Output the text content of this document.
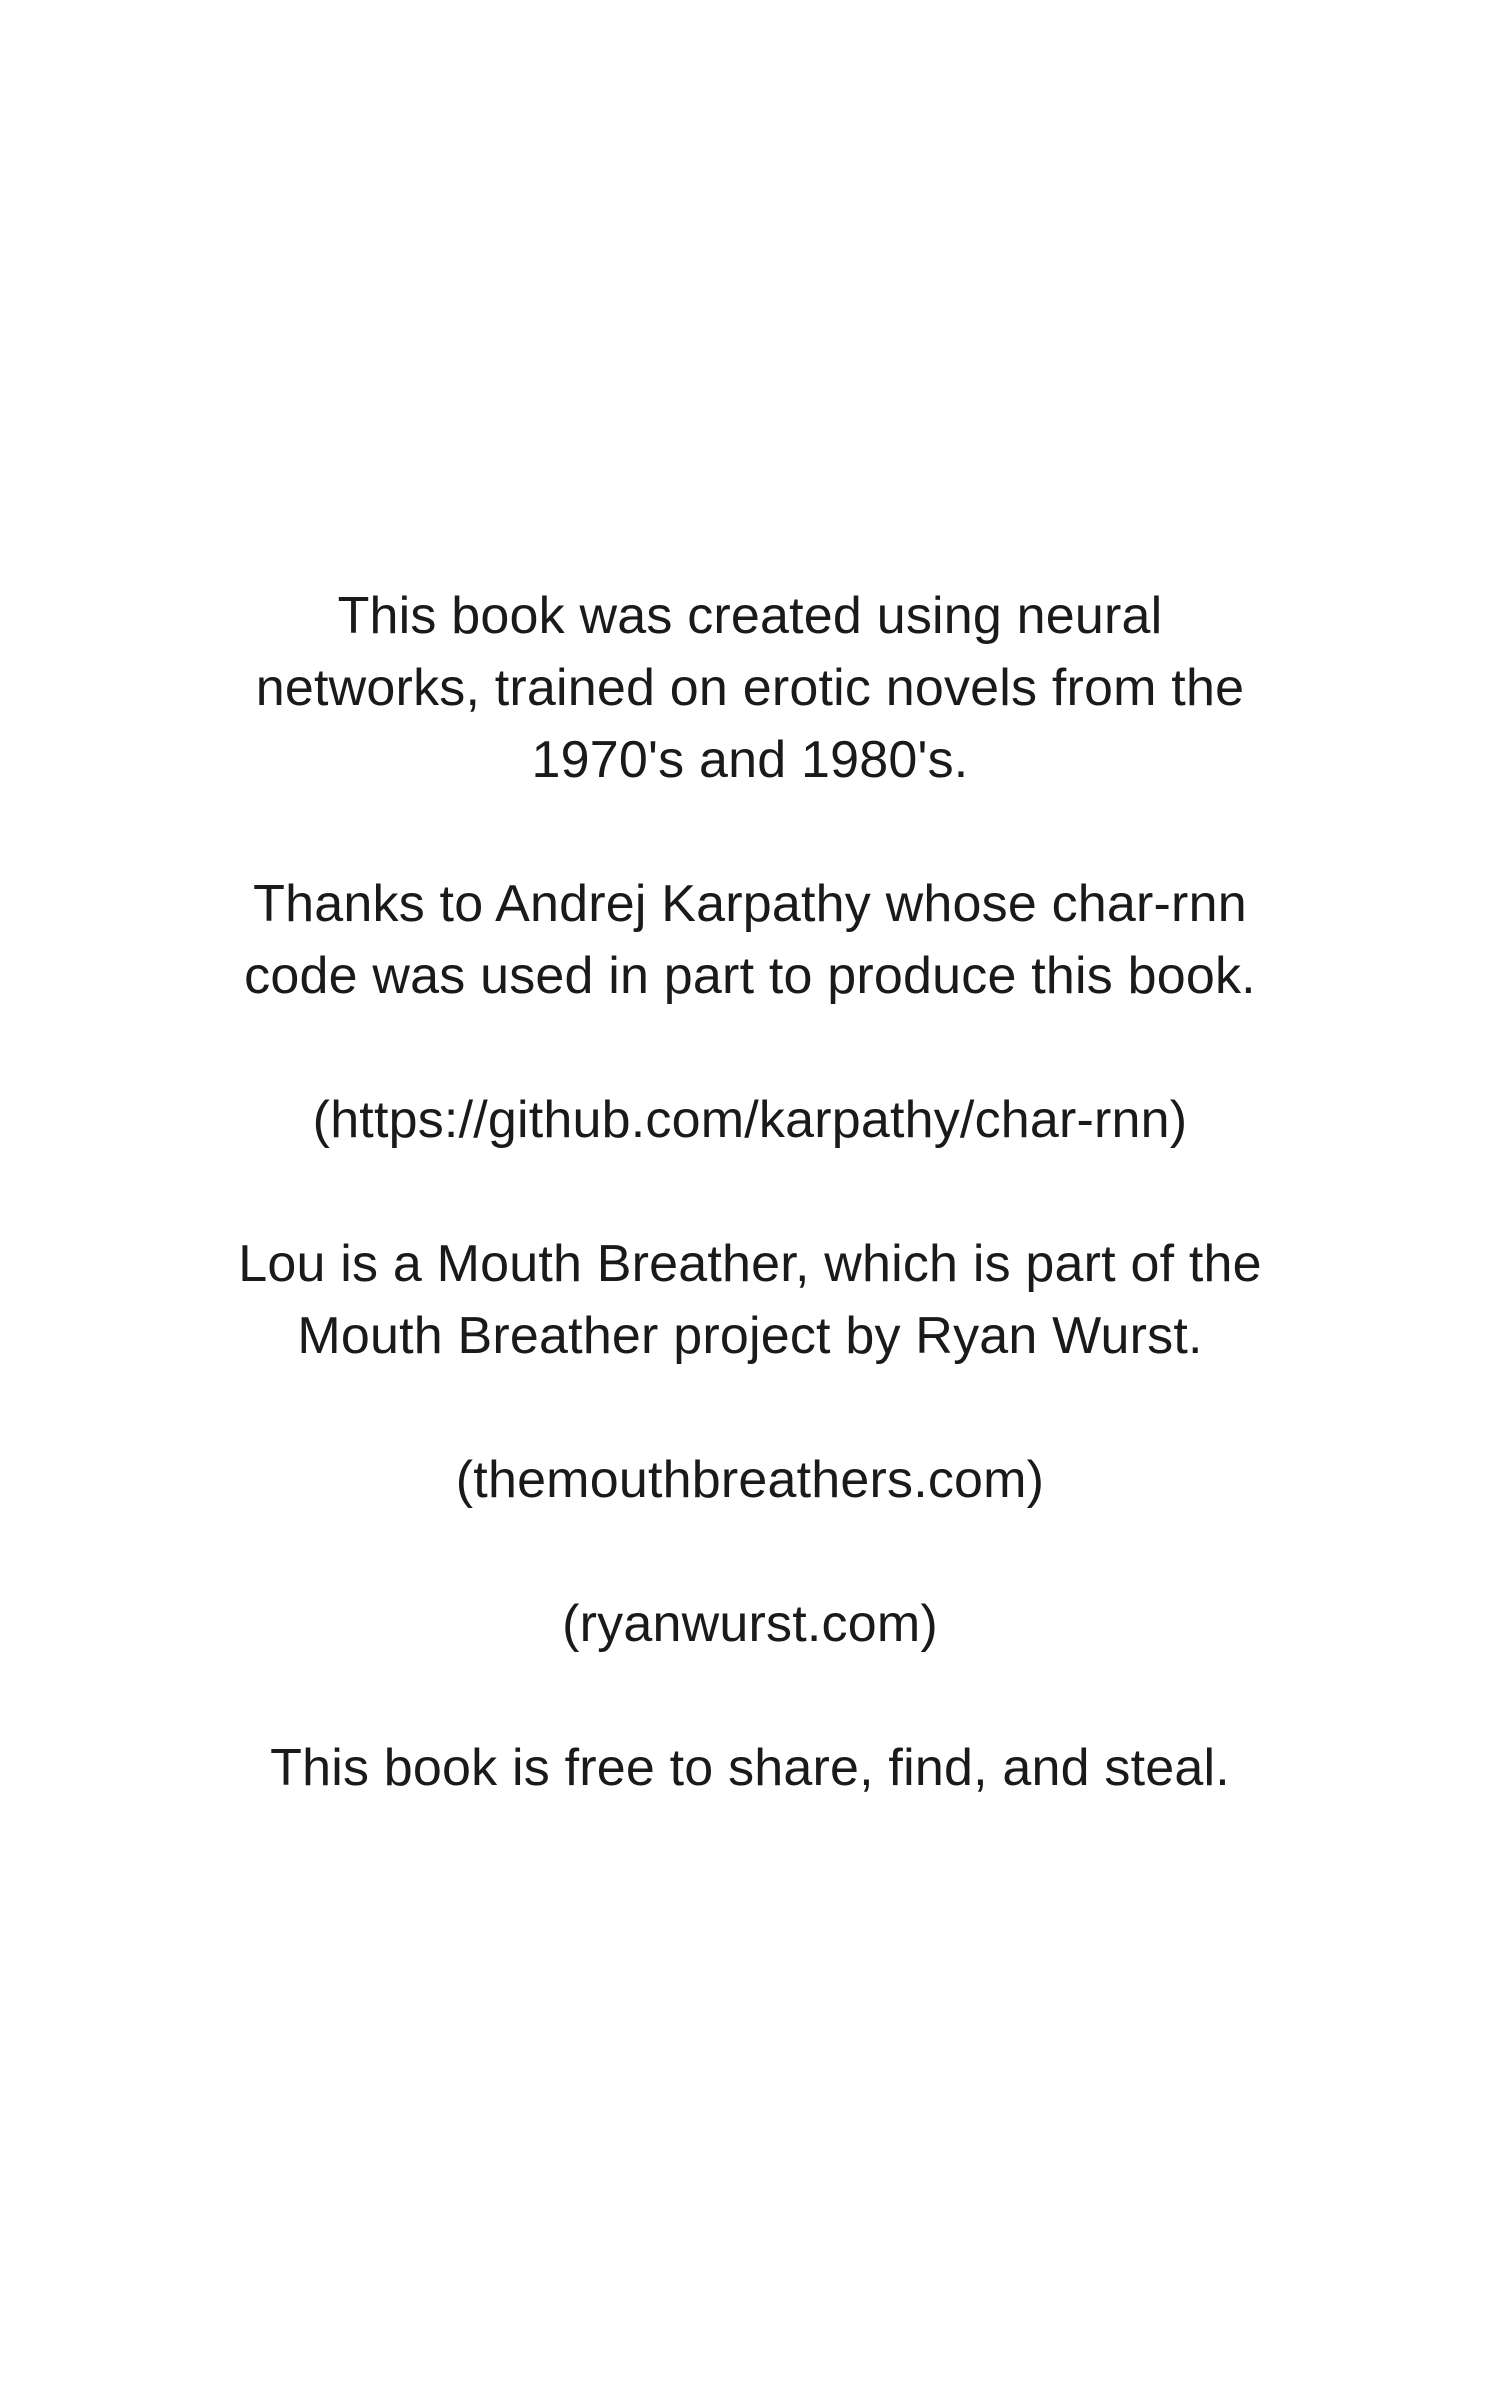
This book was created using neural
networks, trained on erotic novels from the
1970's and 1980's.

Thanks to Andrej Karpathy whose char-rnn
code was used in part to produce this book.

(https://github.com/karpathy/char-rnn)

Lou is a Mouth Breather, which is part of the
Mouth Breather project by Ryan Wurst.

(themouthbreathers.com)

(ryanwurst.com)

This book is free to share, find, and steal.
